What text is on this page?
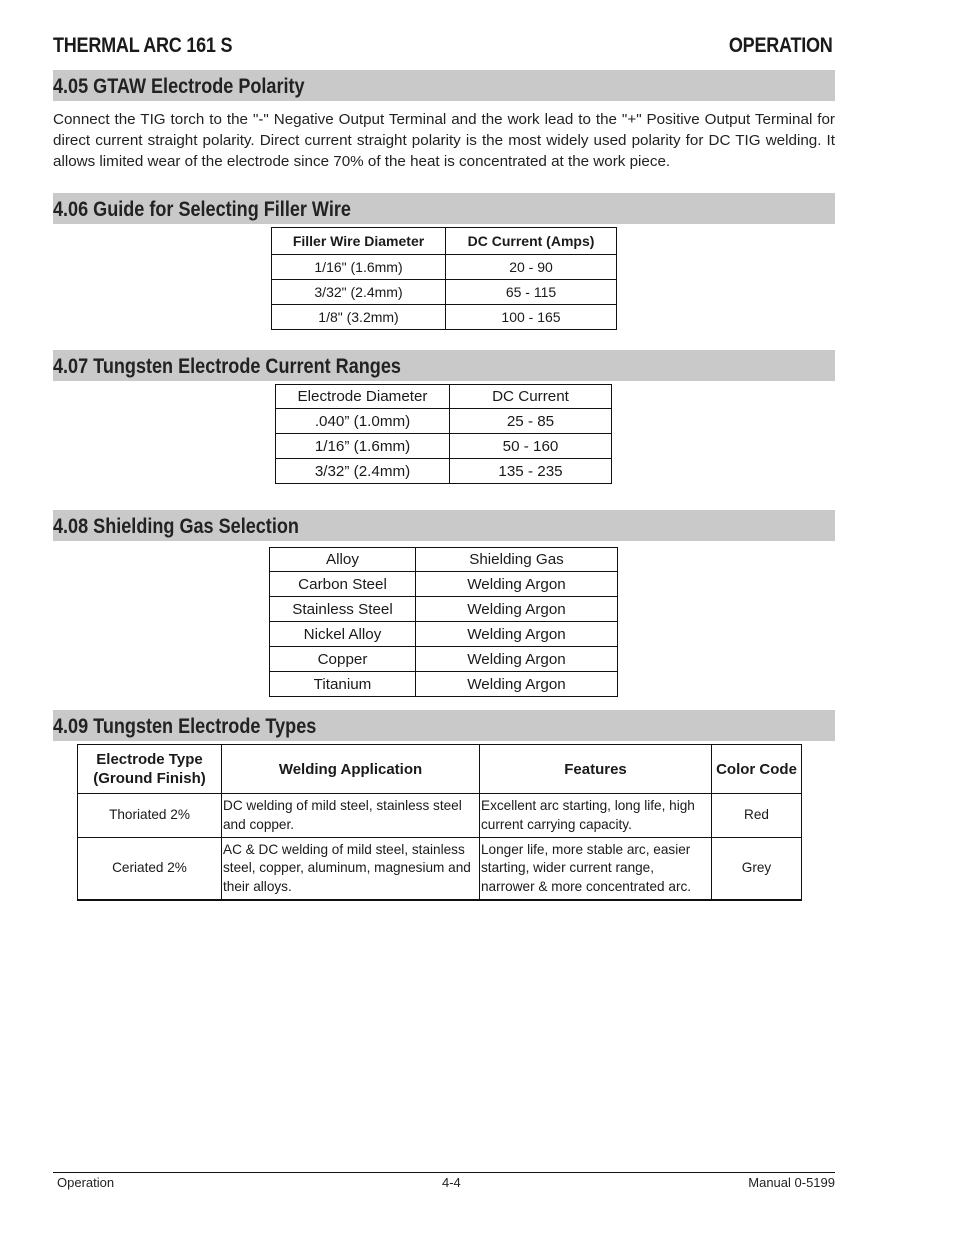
THERMAL ARC 161 S	OPERATION
4.05 GTAW Electrode Polarity
Connect the TIG torch to the "-" Negative Output Terminal and the work lead to the "+" Positive Output Terminal for direct current straight polarity. Direct current straight polarity is the most widely used polarity for DC TIG welding. It allows limited wear of the electrode since 70% of the heat is concentrated at the work piece.
4.06 Guide for Selecting Filler Wire
Filler Wire Diameter	DC Current (Amps)
1/16" (1.6mm)	20 - 90
3/32" (2.4mm)	65 - 115
1/8" (3.2mm)	100 - 165
4.07 Tungsten Electrode Current Ranges
Electrode Diameter	DC Current
.040” (1.0mm)	25 - 85
1/16” (1.6mm)	50 - 160
3/32” (2.4mm)	135 - 235
4.08 Shielding Gas Selection
Alloy	Shielding Gas
Carbon Steel	Welding Argon
Stainless Steel	Welding Argon
Nickel Alloy	Welding Argon
Copper	Welding Argon
Titanium	Welding Argon
4.09 Tungsten Electrode Types
Electrode Type
(Ground Finish)	Welding Application	Features	Color Code
Thoriated 2%	DC welding of mild steel, stainless steel and copper.	Excellent arc starting, long life, high current carrying capacity.	Red
Ceriated 2%	AC & DC welding of mild steel, stainless steel, copper, aluminum, magnesium and their alloys.	Longer life, more stable arc, easier starting, wider current range, narrower & more concentrated arc.	Grey
Operation	4-4	Manual 0-5199
